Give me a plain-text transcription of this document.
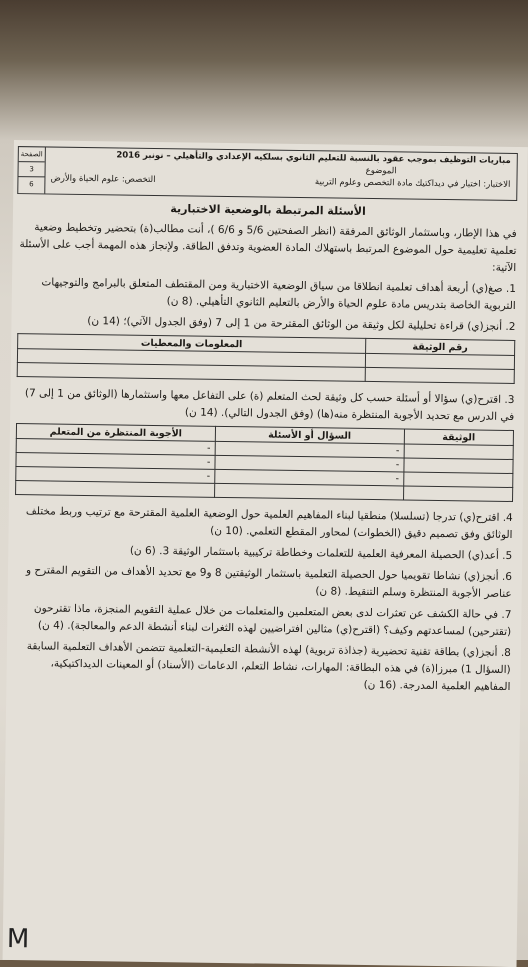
مباريات التوظيف بموجب عقود بالنسبة للتعليم الثانوي بسلكيه الإعدادي والتأهيلي – نونبر 2016
الموضوع
الاختبار: اختبار في ديداكتيك مادة التخصص وعلوم التربية
التخصص: علوم الحياة والأرض
الصفحة
3
6
الأسئلة المرتبطة بالوضعية الاختبارية

في هذا الإطار، وباستثمار الوثائق المرفقة (انظر الصفحتين 5/6 و 6/6 )، أنت مطالب(ة) بتحضير وتخطيط وضعية تعلمية تعليمية حول الموضوع المرتبط باستهلاك المادة العضوية وتدفق الطاقة. ولإنجاز هذه المهمة أجب على الأسئلة الآتية:

1. صغ(ي) أربعة أهداف تعلمية انطلاقا من سياق الوضعية الاختبارية ومن المقتطف المتعلق بالبرامج والتوجيهات التربوية الخاصة بتدريس مادة علوم الحياة والأرض بالتعليم الثانوي التأهيلي. (8 ن)

2. أنجز(ي) قراءة تحليلية لكل وثيقة من الوثائق المقترحة من 1 إلى 7 (وفق الجدول الآتي)؛ (14 ن)

رقم الوثيقة	المعلومات والمعطيات

3. اقترح(ي) سؤالا أو أسئلة حسب كل وثيقة لحث المتعلم (ة) على التفاعل معها واستثمارها (الوثائق من 1 إلى 7) في الدرس مع تحديد الأجوبة المنتظرة منه(ها) (وفق الجدول التالي). (14 ن)

الوثيقة	السؤال أو الأسئلة	الأجوبة المنتظرة من المتعلم
	-	-
	-	-
	-	-

4. اقترح(ي) تدرجا (تسلسلا) منطقيا لبناء المفاهيم العلمية حول الوضعية العلمية المقترحة مع ترتيب وربط مختلف الوثائق وفق تصميم دقيق (الخطوات) لمحاور المقطع التعلمي. (10 ن)

5. أعد(ي) الحصيلة المعرفية العلمية للتعلمات وخطاطة تركيبية باستثمار الوثيقة 3. (6 ن)

6. أنجز(ي) نشاطا تقويميا حول الحصيلة التعلمية باستثمار الوثيقتين 8 و9 مع تحديد الأهداف من التقويم المقترح و عناصر الأجوبة المنتظرة وسلم التنقيط. (8 ن)

7. في حالة الكشف عن تعثرات لدى بعض المتعلمين والمتعلمات من خلال عملية التقويم المنجزة، ماذا تقترحون (تقترحين) لمساعدتهم وكيف؟ (اقترح(ي) مثالين افتراضيين لهذه الثغرات لبناء أنشطة الدعم والمعالجة). (4 ن)

8. أنجز(ي) بطاقة تقنية تحضيرية (جذاذة تربوية) لهذه الأنشطة التعليمية-التعلمية تتضمن الأهداف التعلمية السابقة (السؤال 1) مبرزا(ة) في هذه البطاقة: المهارات، نشاط التعلم، الدعامات (الأسناد) أو المعينات الديداكتيكية، المفاهيم العلمية المدرجة. (16 ن)

M
